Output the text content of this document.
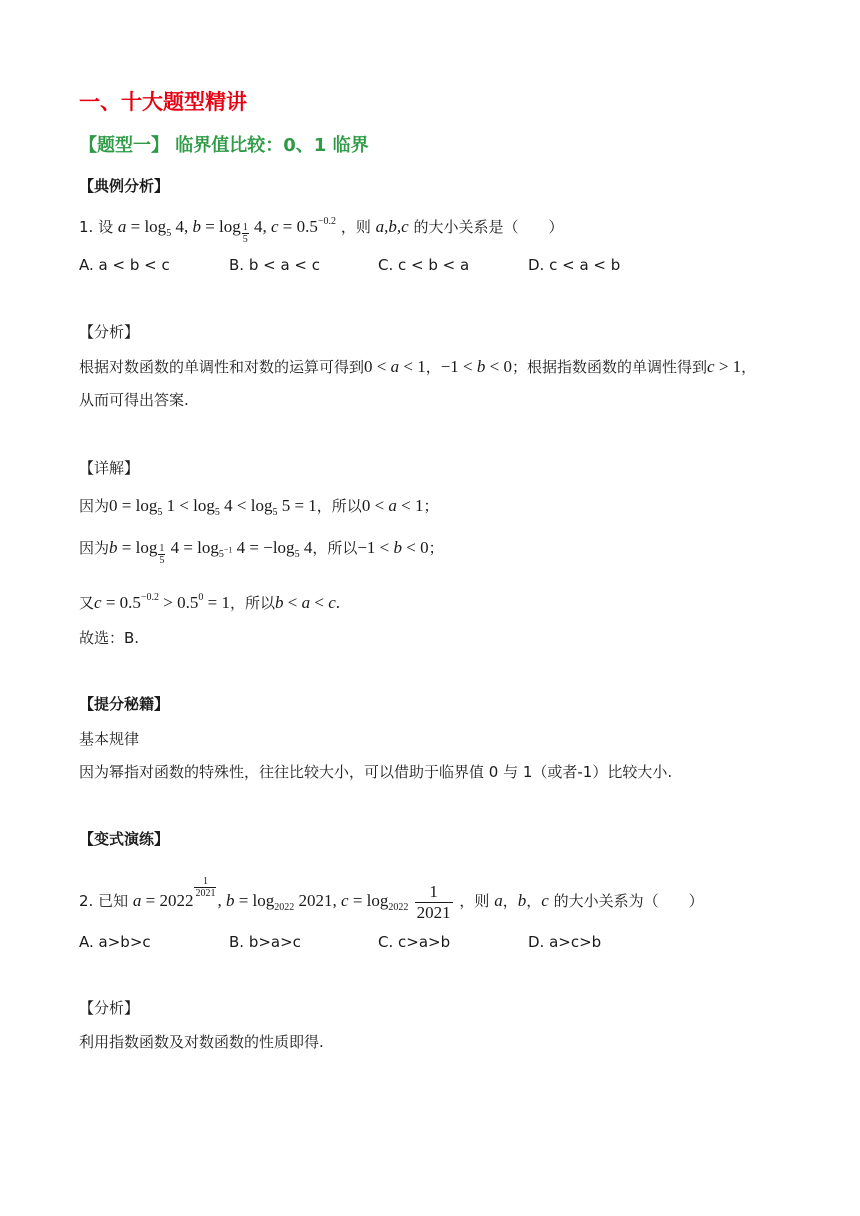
一、十大题型精讲
【题型一】 临界值比较：0、1 临界
【典例分析】
1. 设 $a = \log_5 4$, $b = \log \frac{1}{5} 4$, $c = 0.5^{-0.2}$ ，则 a,b,c 的大小关系是（　　）
A. a < b < c	B. b < a < c	C. c < b < a	D. c < a < b
【分析】
根据对数函数的单调性和对数的运算可得到0 < a < 1，−1 < b < 0；根据指数函数的单调性得到c > 1，
从而可得出答案.
【详解】
因为$0 = \log_5 1 < \log_5 4 < \log_5 5 = 1$，所以0 < a < 1；
因为$b = \log \frac{1}{5} 4 = \log_{5^{-1}} 4 = -\log_5$ 4，所以−1 < b < 0；
又$c = 0.5^{-0.2} > 0.5^0 = 1$，所以b < a < c.
故选：B.
【提分秘籍】
基本规律
因为幂指对函数的特殊性，往往比较大小，可以借助于临界值 0 与 1（或者-1）比较大小.
【变式演练】
2. 已知 a = 2022
$\frac{1}{2021}$
, $b = \log_{2022} 2021$, $c = \log_{2022} \frac{1}{2021}$ ，则 a，b，c 的大小关系为（　　）
A. a>b>c	B. b>a>c	C. c>a>b	D. a>c>b
【分析】
利用指数函数及对数函数的性质即得.
